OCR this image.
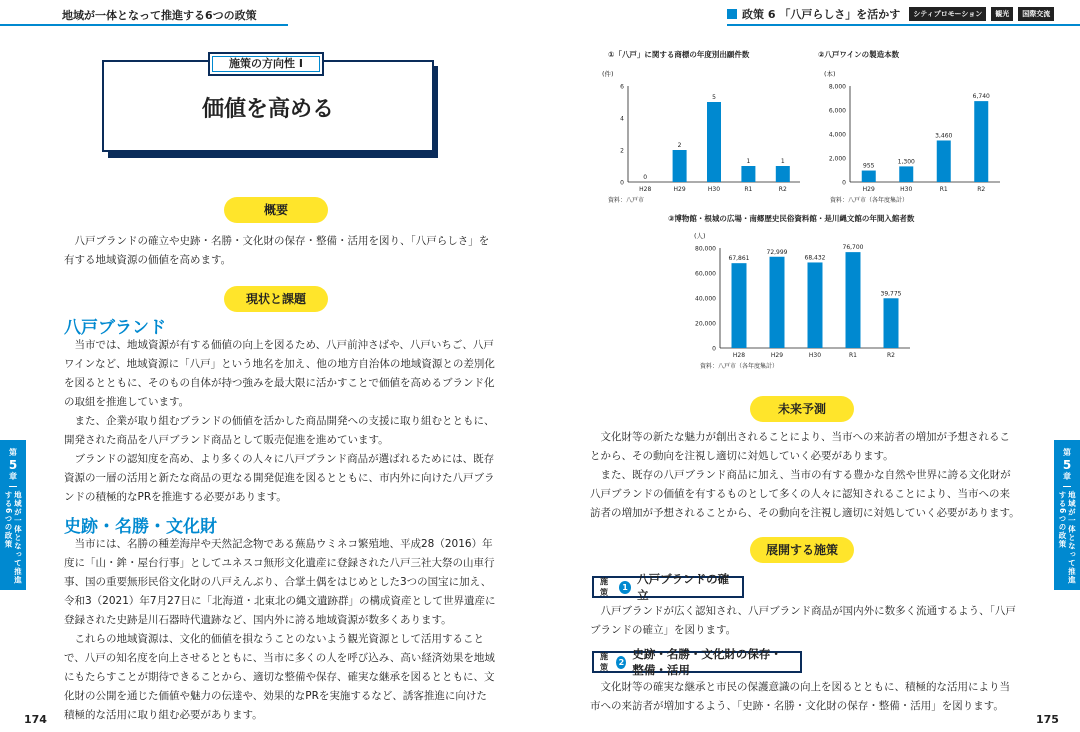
地域が一体となって推進する6つの政策	政策 6 「八戸らしさ」を活かす	シティプロモーション	観光	国際交流
第
5
章
地域が一体となって推進する6つの政策
第
5
章
地域が一体となって推進する6つの政策
価値を高める
施策の方向性 Ⅰ
概要

八戸ブランドの確立や史跡・名勝・文化財の保存・整備・活用を図り、「八戸らしさ」を有する地域資源の価値を高めます。

現状と課題
八戸ブランド

当市では、地域資源が有する価値の向上を図るため、八戸前沖さばや、八戸いちご、八戸ワインなど、地域資源に「八戸」という地名を加え、他の地方自治体の地域資源との差別化を図るとともに、そのもの自体が持つ強みを最大限に活かすことで価値を高めるブランド化の取組を推進しています。

また、企業が取り組むブランドの価値を活かした商品開発への支援に取り組むとともに、開発された商品を八戸ブランド商品として販売促進を進めています。

ブランドの認知度を高め、より多くの人々に八戸ブランド商品が選ばれるためには、既存資源の一層の活用と新たな商品の更なる開発促進を図るとともに、市内外に向けた八戸ブランドの積極的なPRを推進する必要があります。

史跡・名勝・文化財

当市には、名勝の種差海岸や天然記念物である蕪島ウミネコ繁殖地、平成28（2016）年度に「山・鉾・屋台行事」としてユネスコ無形文化遺産に登録された八戸三社大祭の山車行事、国の重要無形民俗文化財の八戸えんぶり、合掌土偶をはじめとした3つの国宝に加え、令和3（2021）年7月27日に「北海道・北東北の縄文遺跡群」の構成資産として世界遺産に登録された史跡是川石器時代遺跡など、国内外に誇る地域資源が数多くあります。

これらの地域資源は、文化的価値を損なうことのないよう観光資源として活用することで、八戸の知名度を向上させるとともに、当市に多くの人を呼び込み、高い経済効果を地域にもたらすことが期待できることから、適切な整備や保存、確実な継承を図るとともに、文化財の公開を通じた価値や魅力の伝達や、効果的なPRを実施するなど、誘客推進に向けた積極的な活用に取り組む必要があります。

174	175
①「八戸」に関する商標の年度別出願件数
(件)
0
2
4
6
0
H28
2
H29
5
H30
1
R1
1
R2
資料：八戸市
②八戸ワインの製造本数
(本)
0
2,000
4,000
6,000
8,000
955
H29
1,300
H30
3,460
R1
6,740
R2
資料：八戸市（各年度集計）
③博物館・根城の広場・南郷歴史民俗資料館・是川縄文館の年間入館者数
(人)
0
20,000
40,000
60,000
80,000
67,861
H28
72,999
H29
68,432
H30
76,700
R1
39,775
R2
資料：八戸市（各年度集計）
未来予測

文化財等の新たな魅力が創出されることにより、当市への来訪者の増加が予想されることから、その動向を注視し適切に対処していく必要があります。

また、既存の八戸ブランド商品に加え、当市の有する豊かな自然や世界に誇る文化財が八戸ブランドの価値を有するものとして多くの人々に認知されることにより、当市への来訪者の増加が予想されることから、その動向を注視し適切に対処していく必要があります。

展開する施策
施策
1
八戸ブランドの確立

八戸ブランドが広く認知され、八戸ブランド商品が国内外に数多く流通するよう、「八戸ブランドの確立」を図ります。

施策
2
史跡・名勝・文化財の保存・整備・活用

文化財等の確実な継承と市民の保護意識の向上を図るとともに、積極的な活用により当市への来訪者が増加するよう、「史跡・名勝・文化財の保存・整備・活用」を図ります。
